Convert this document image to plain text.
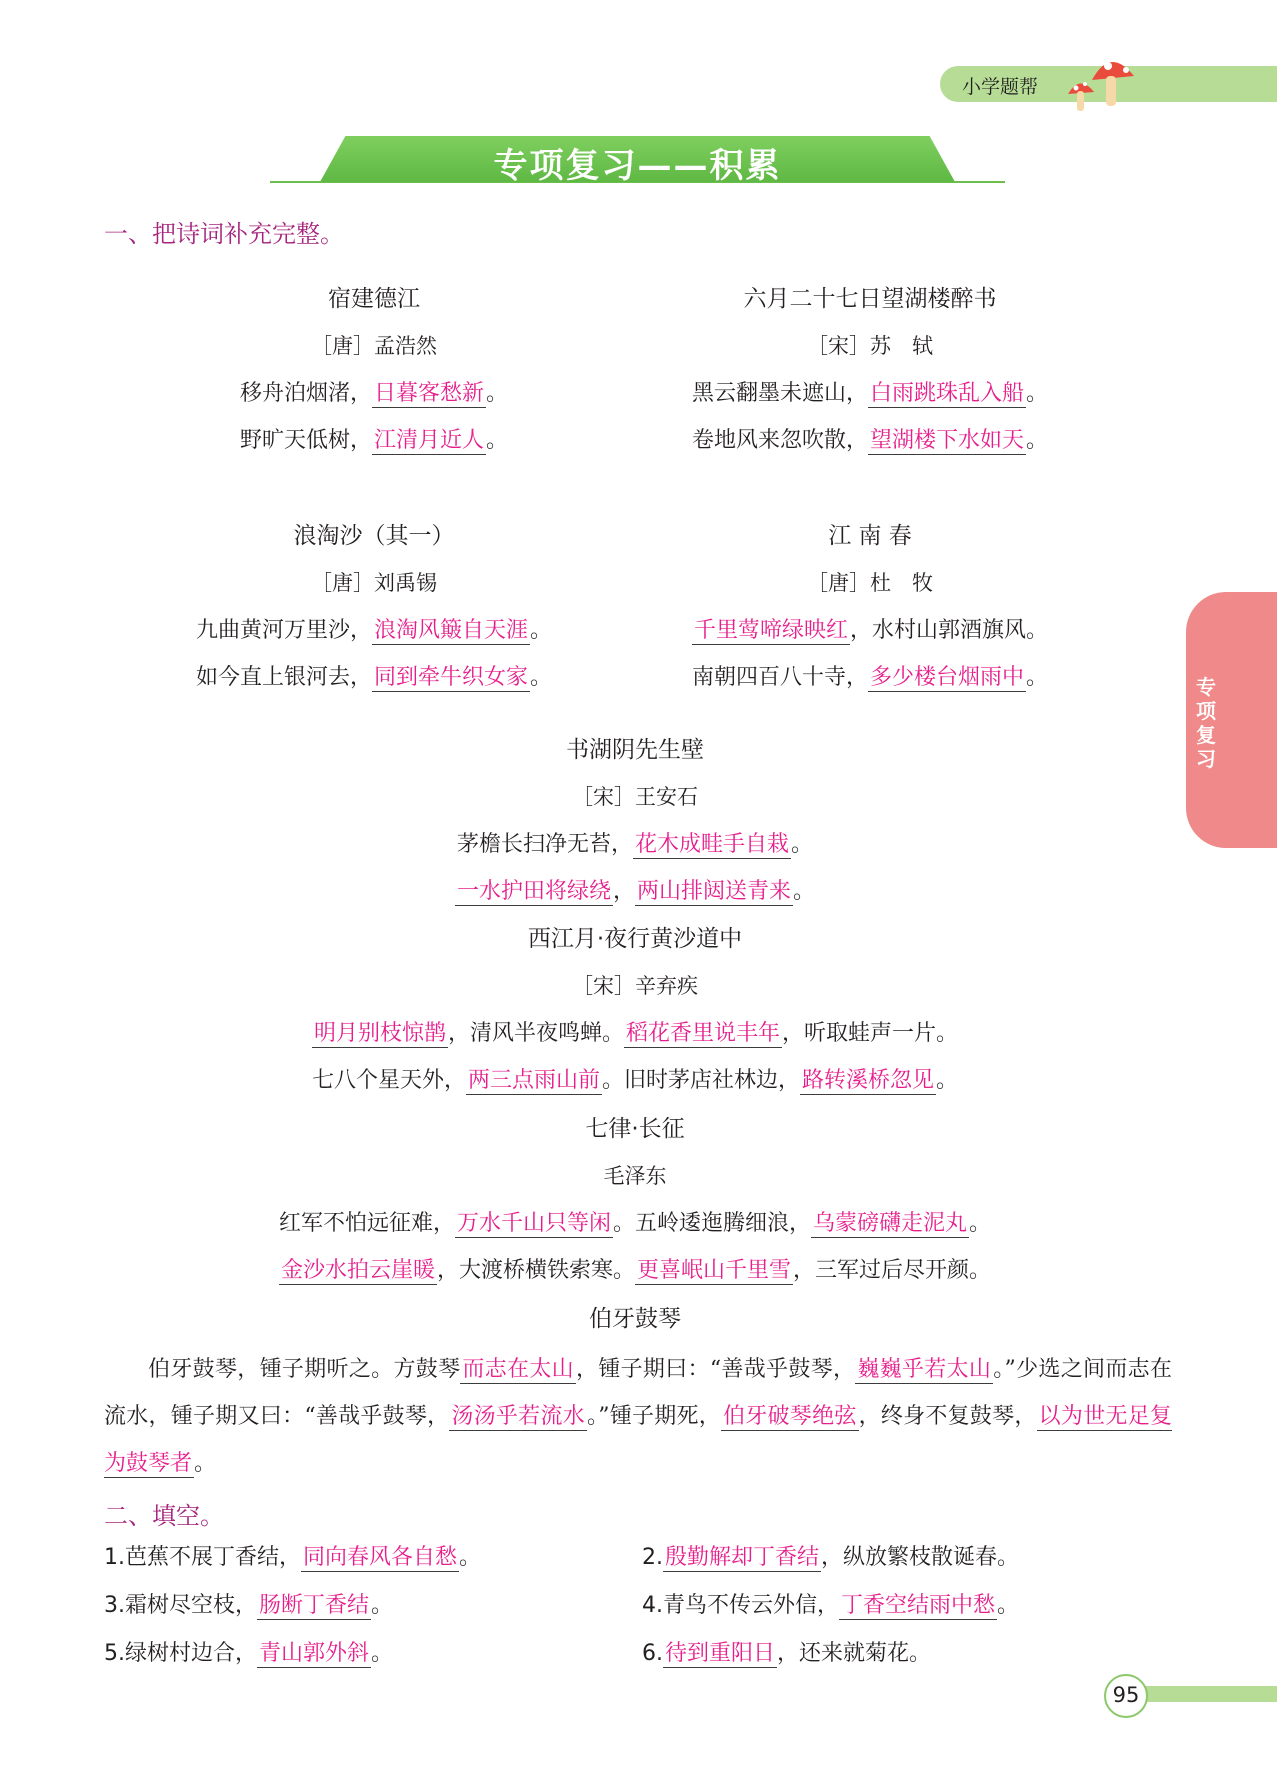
小学题帮
专项复习——积累
一、把诗词补充完整。
宿建德江
［唐］孟浩然
移舟泊烟渚，日暮客愁新。
野旷天低树，江清月近人。
六月二十七日望湖楼醉书
［宋］苏　轼
黑云翻墨未遮山，白雨跳珠乱入船。
卷地风来忽吹散，望湖楼下水如天。
浪淘沙（其一）
［唐］刘禹锡
九曲黄河万里沙，浪淘风簸自天涯。
如今直上银河去，同到牵牛织女家。
江 南 春
［唐］杜　牧
千里莺啼绿映红，水村山郭酒旗风。
南朝四百八十寺，多少楼台烟雨中。
书湖阴先生壁
［宋］王安石
茅檐长扫净无苔，花木成畦手自栽。
一水护田将绿绕，两山排闼送青来。
西江月·夜行黄沙道中
［宋］辛弃疾
明月别枝惊鹊，清风半夜鸣蝉。稻花香里说丰年，听取蛙声一片。
七八个星天外，两三点雨山前。旧时茅店社林边，路转溪桥忽见。
七律·长征
毛泽东
红军不怕远征难，万水千山只等闲。五岭逶迤腾细浪，乌蒙磅礴走泥丸。
金沙水拍云崖暖，大渡桥横铁索寒。更喜岷山千里雪，三军过后尽开颜。
伯牙鼓琴
伯牙鼓琴，锺子期听之。方鼓琴而志在太山，锺子期曰：“善哉乎鼓琴，巍巍乎若太山。”少选之间而志在流水，锺子期又曰：“善哉乎鼓琴，汤汤乎若流水。”锺子期死，伯牙破琴绝弦，终身不复鼓琴，以为世无足复为鼓琴者。
二、填空。
1.芭蕉不展丁香结，同向春风各自愁。	2.殷勤解却丁香结，纵放繁枝散诞春。
3.霜树尽空枝，肠断丁香结。	4.青鸟不传云外信，丁香空结雨中愁。
5.绿树村边合，青山郭外斜。	6.待到重阳日，还来就菊花。
专项复习
95
